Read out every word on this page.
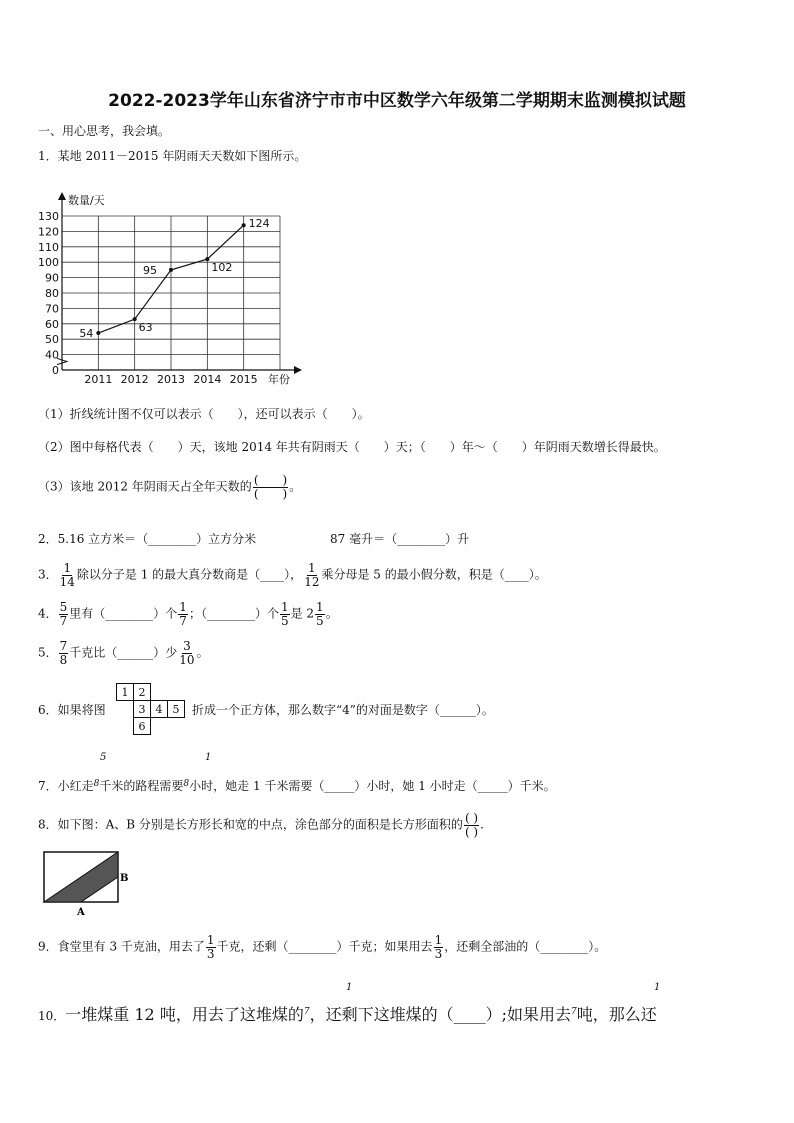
2022-2023学年山东省济宁市市中区数学六年级第二学期期末监测模拟试题
一、用心思考，我会填。
1．某地 2011－2015 年阴雨天天数如下图所示。
数量/天
年份
0
40
50
60
70
80
90
100
110
120
130
2011 2012 2013 2014 2015
54	63
95	102
124
（1）折线统计图不仅可以表示（　　），还可以表示（　　）。
（2）图中每格代表（　　）天，该地 2014 年共有阴雨天（　　）天；（　　）年～（　　）年阴雨天数增长得最快。
（3）该地 2012 年阴雨天占全年天数的 $\frac{( )}{( )}$ 。
2．5.16 立方米＝（________）立方分米	87 毫升＝（________）升
3． $\frac{1}{14}$ 除以分子是 1 的最大真分数商是（____）， $\frac{1}{12}$ 乘分母是 5 的最小假分数，积是（____）。
4． $\frac{5}{7}$ 里有（________）个 $\frac{1}{7}$ ；（________）个 $\frac{1}{5}$ 是 $2 \frac{1}{5}$ 。
5． $\frac{7}{8}$ 千克比（______）少 $\frac{3}{10}$ 。
6．如果将图
1	2		
	3	4	5
	6		
折成一个正方体，那么数字“4”的对面是数字（______）。
5	1
7．小红走$^8$千米的路程需要$^8$小时，她走 1 千米需要（_____）小时，她 1 小时走（_____）千米。
8．如下图：A、B 分别是长方形长和宽的中点，涂色部分的面积是长方形面积的 $\frac{( )}{( )}$ .
B
A
9．食堂里有 3 千克油，用去了 $\frac{1}{3}$ 千克，还剩（________）千克；如果用去 $\frac{1}{3}$ ，还剩全部油的（________）。
1	1
10．一堆煤重 12 吨，用去了这堆煤的$^7$，还剩下这堆煤的（____）;如果用去$^7$吨，那么还
